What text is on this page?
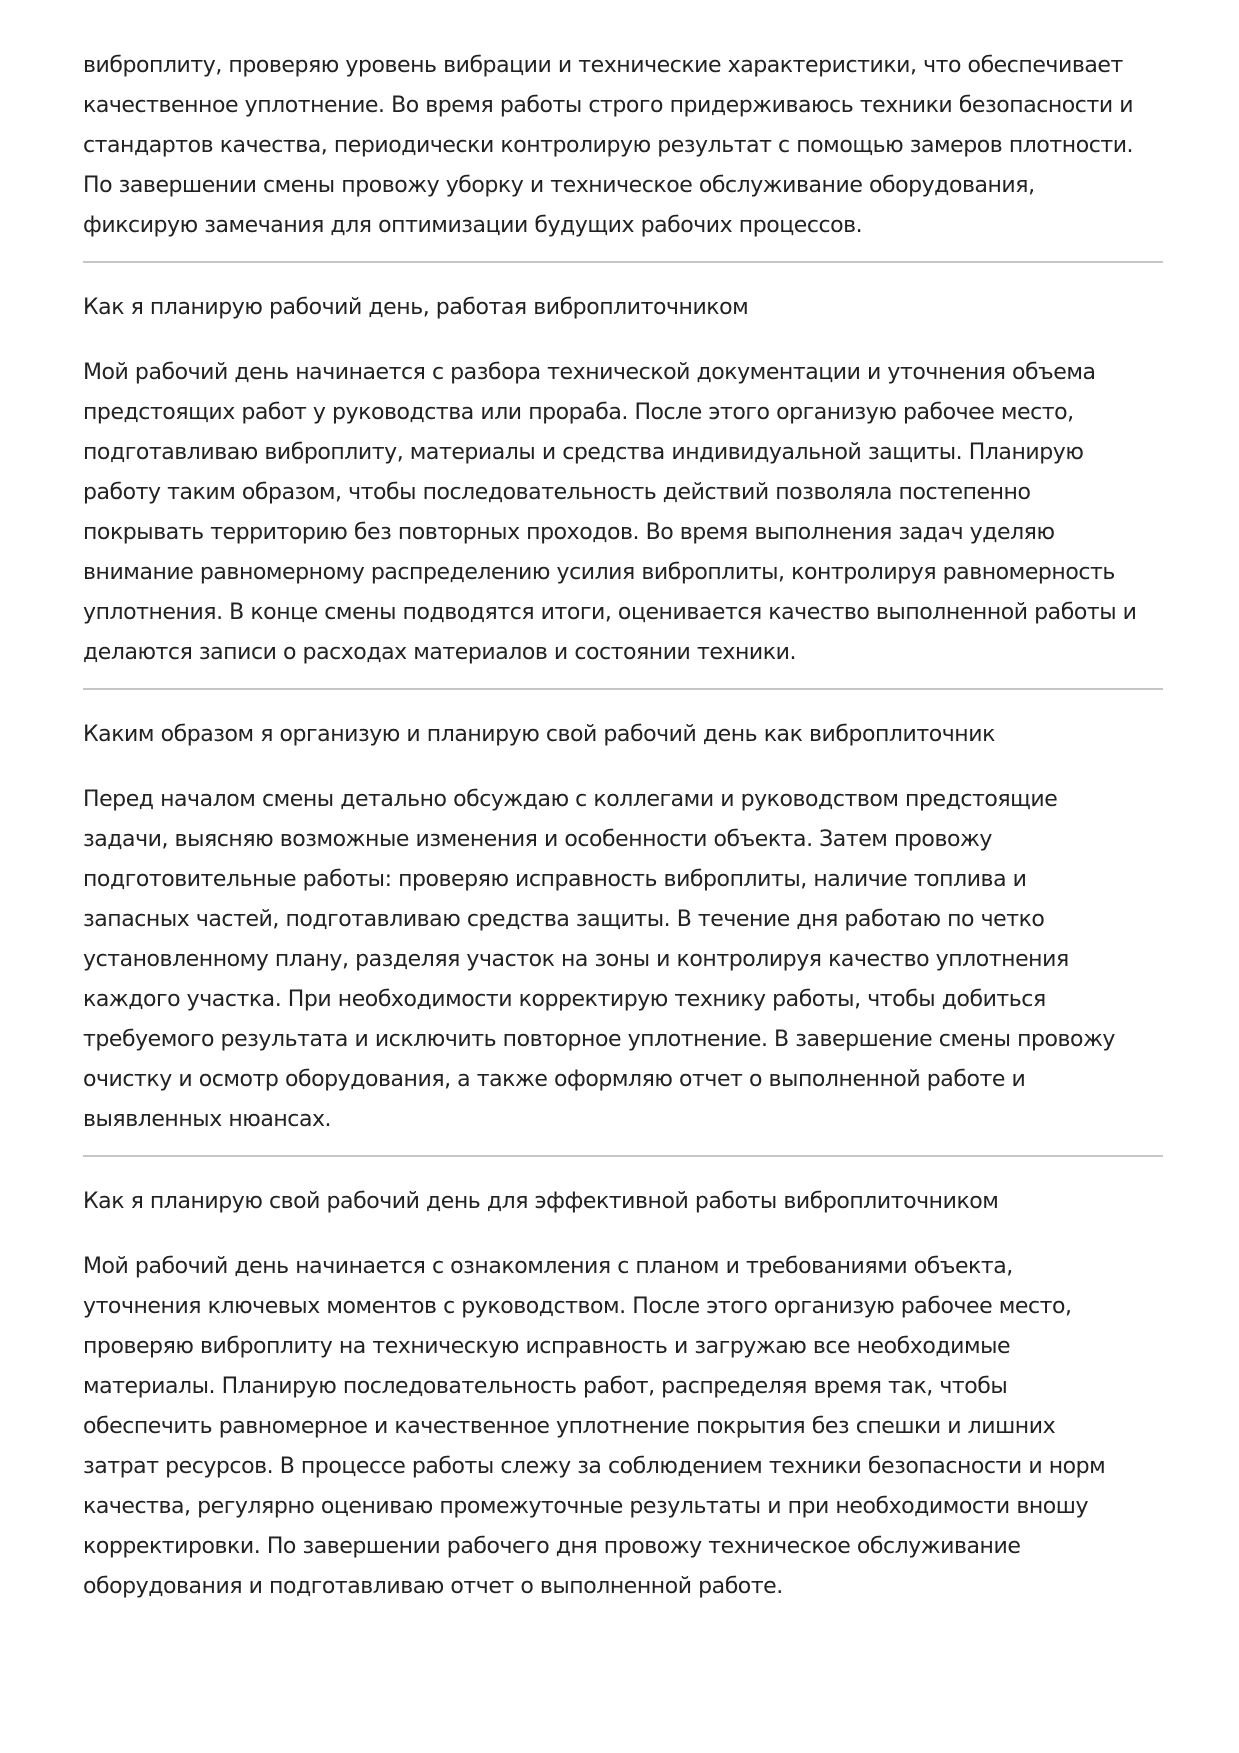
виброплиту, проверяю уровень вибрации и технические характеристики, что обеспечивает
качественное уплотнение. Во время работы строго придерживаюсь техники безопасности и
стандартов качества, периодически контролирую результат с помощью замеров плотности.
По завершении смены провожу уборку и техническое обслуживание оборудования,
фиксирую замечания для оптимизации будущих рабочих процессов.

Как я планирую рабочий день, работая виброплиточником

Мой рабочий день начинается с разбора технической документации и уточнения объема
предстоящих работ у руководства или прораба. После этого организую рабочее место,
подготавливаю виброплиту, материалы и средства индивидуальной защиты. Планирую
работу таким образом, чтобы последовательность действий позволяла постепенно
покрывать территорию без повторных проходов. Во время выполнения задач уделяю
внимание равномерному распределению усилия виброплиты, контролируя равномерность
уплотнения. В конце смены подводятся итоги, оценивается качество выполненной работы и
делаются записи о расходах материалов и состоянии техники.

Каким образом я организую и планирую свой рабочий день как виброплиточник

Перед началом смены детально обсуждаю с коллегами и руководством предстоящие
задачи, выясняю возможные изменения и особенности объекта. Затем провожу
подготовительные работы: проверяю исправность виброплиты, наличие топлива и
запасных частей, подготавливаю средства защиты. В течение дня работаю по четко
установленному плану, разделяя участок на зоны и контролируя качество уплотнения
каждого участка. При необходимости корректирую технику работы, чтобы добиться
требуемого результата и исключить повторное уплотнение. В завершение смены провожу
очистку и осмотр оборудования, а также оформляю отчет о выполненной работе и
выявленных нюансах.

Как я планирую свой рабочий день для эффективной работы виброплиточником

Мой рабочий день начинается с ознакомления с планом и требованиями объекта,
уточнения ключевых моментов с руководством. После этого организую рабочее место,
проверяю виброплиту на техническую исправность и загружаю все необходимые
материалы. Планирую последовательность работ, распределяя время так, чтобы
обеспечить равномерное и качественное уплотнение покрытия без спешки и лишних
затрат ресурсов. В процессе работы слежу за соблюдением техники безопасности и норм
качества, регулярно оцениваю промежуточные результаты и при необходимости вношу
корректировки. По завершении рабочего дня провожу техническое обслуживание
оборудования и подготавливаю отчет о выполненной работе.
